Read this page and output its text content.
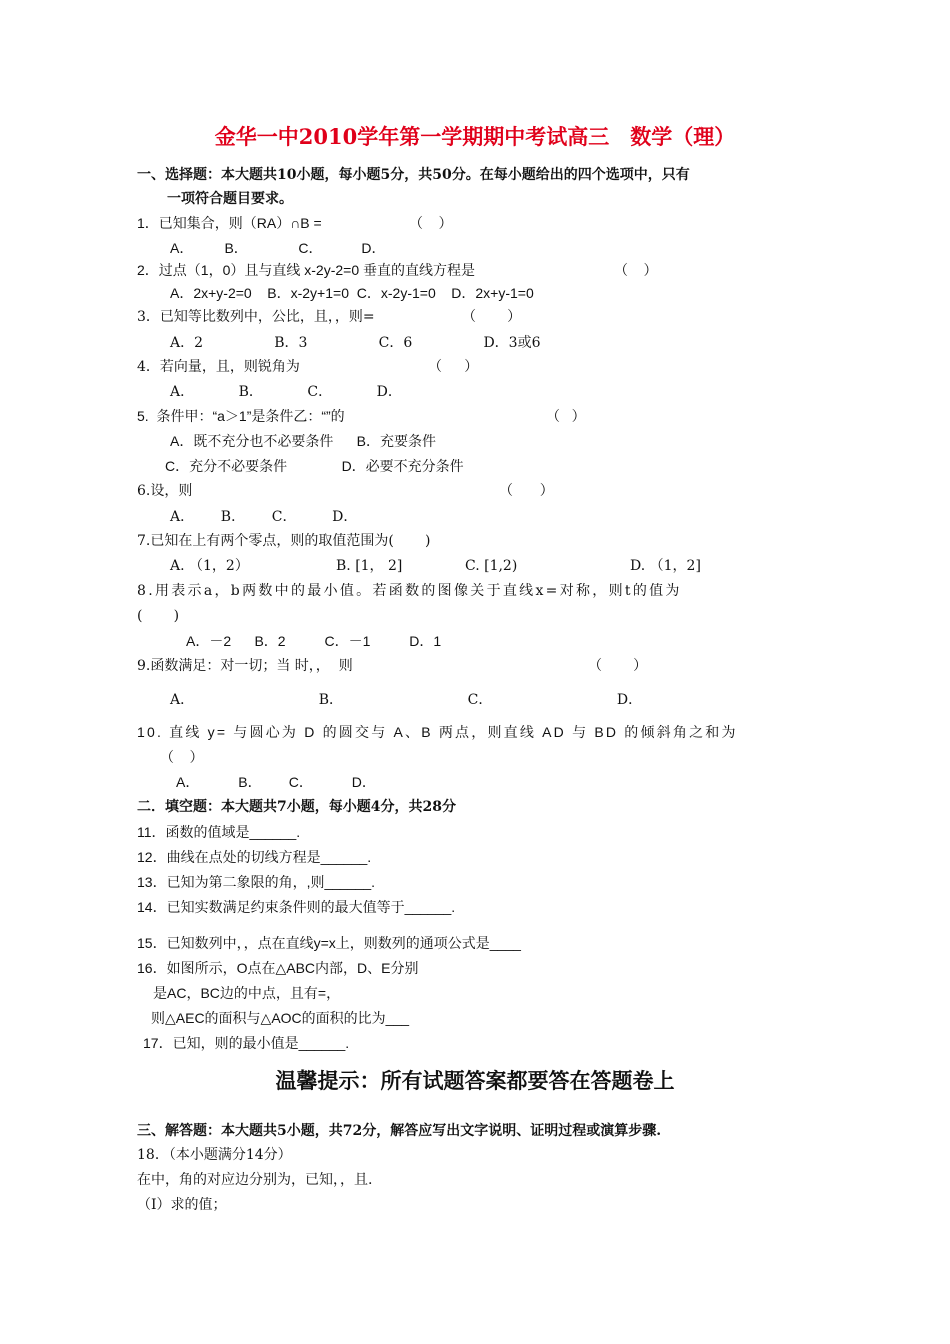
金华一中2010学年第一学期期中考试高三　数学（理）
一、选择题：本大题共10小题，每小题5分，共50分。在每小题给出的四个选项中，只有
一项符合题目要求。
1．已知集合，则（RA）∩B =	（    ）
A．        B．             C．          D．
2．过点（1，0）且与直线 x-2y-2=0 垂直的直线方程是	（    ）
A．2x+y-2=0    B．x-2y+1=0  C．x-2y-1=0    D．2x+y-1=0
3．已知等比数列中，公比，且，，则=	（       ）
A．2                B．3                C．6                D．3或6
4．若向量，且，则锐角为	（     ）
A．          B．          C．          D．
5.  条件甲：“a＞1”是条件乙：“”的	（   ）
A．既不充分也不必要条件      B．充要条件
C．充分不必要条件              D．必要不充分条件
6.设，则	（      ）
A．      B．      C．        D．
7.已知在上有两个零点，则的取值范围为(       )
A. （1，2）	B. [1， 2]	C. [1,2)	D. （1，2]
8.用表示a，b两数中的最小值。若函数的图像关于直线x=对称，则t的值为
(       )
A．－2      B．2          C．－1          D．1
9.函数满足：对一切；当 时，，  则	（       ）
A．                            B．                            C．                            D．
10. 直线 y= 与圆心为 D 的圆交与 A、B 两点，则直线 AD 与 BD 的倾斜角之和为
（    ）
A．          B．       C．          D．
二．填空题：本大题共7小题，每小题4分，共28分
11．函数的值域是______.
12．曲线在点处的切线方程是______.
13．已知为第二象限的角，,则______.
14．已知实数满足约束条件则的最大值等于______.
15．已知数列中，，点在直线y=x上，则数列的通项公式是____
16．如图所示，O点在△ABC内部，D、E分别
是AC，BC边的中点，且有=，
则△AEC的面积与△AOC的面积的比为___
17．已知，则的最小值是______.
温馨提示：所有试题答案都要答在答题卷上
三、解答题：本大题共5小题，共72分，解答应写出文字说明、证明过程或演算步骤.
18．（本小题满分14分）
在中，角的对应边分别为，已知，，且.
（Ⅰ）求的值；
